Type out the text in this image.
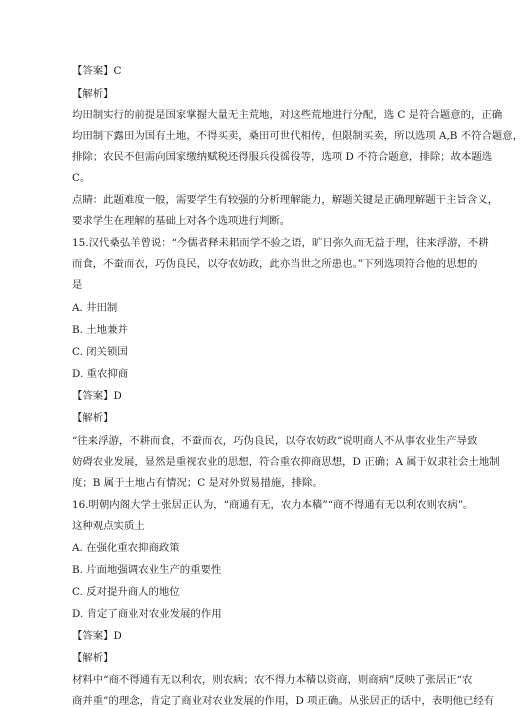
【答案】C
【解析】
均田制实行的前提是国家掌握大量无主荒地，对这些荒地进行分配，选 C 是符合题意的，正确
均田制下露田为国有土地，不得买卖，桑田可世代相传，但限制买卖，所以选项 A,B 不符合题意，
排除；农民不但需向国家缴纳赋税还得服兵役徭役等，选项 D 不符合题意，排除；故本题选
C。
点睛：此题难度一般，需要学生有较强的分析理解能力，解题关键是正确理解题干主旨含义，
要求学生在理解的基础上对各个选项进行判断。
15.汉代桑弘羊曾说：“今儒者释耒耜而学不验之语，旷日弥久而无益于理，往来浮游，不耕
而食，不蚕而衣，巧伪良民，以夺农妨政，此亦当世之所患也。”下列选项符合他的思想的
是
A. 井田制
B. 土地兼并
C. 闭关锁国
D. 重农抑商
【答案】D
【解析】
“往来浮游，不耕而食，不蚕而衣，巧伪良民，以夺农妨政”说明商人不从事农业生产导致
妨碍农业发展，显然是重视农业的思想，符合重农抑商思想，D 正确；A 属于奴隶社会土地制
度；B 属于土地占有情况；C 是对外贸易措施，排除。
16.明朝内阁大学士张居正认为，“商通有无，农力本穑”“商不得通有无以利农则农病”。
这种观点实质上
A. 在强化重农抑商政策
B. 片面地强调农业生产的重要性
C. 反对提升商人的地位
D. 肯定了商业对农业发展的作用
【答案】D
【解析】
材料中“商不得通有无以利农，则农病；农不得力本穑以资商，则商病”反映了张居正“农
商并重”的理念，肯定了商业对农业发展的作用，D 项正确。从张居正的话中，表明他已经有
